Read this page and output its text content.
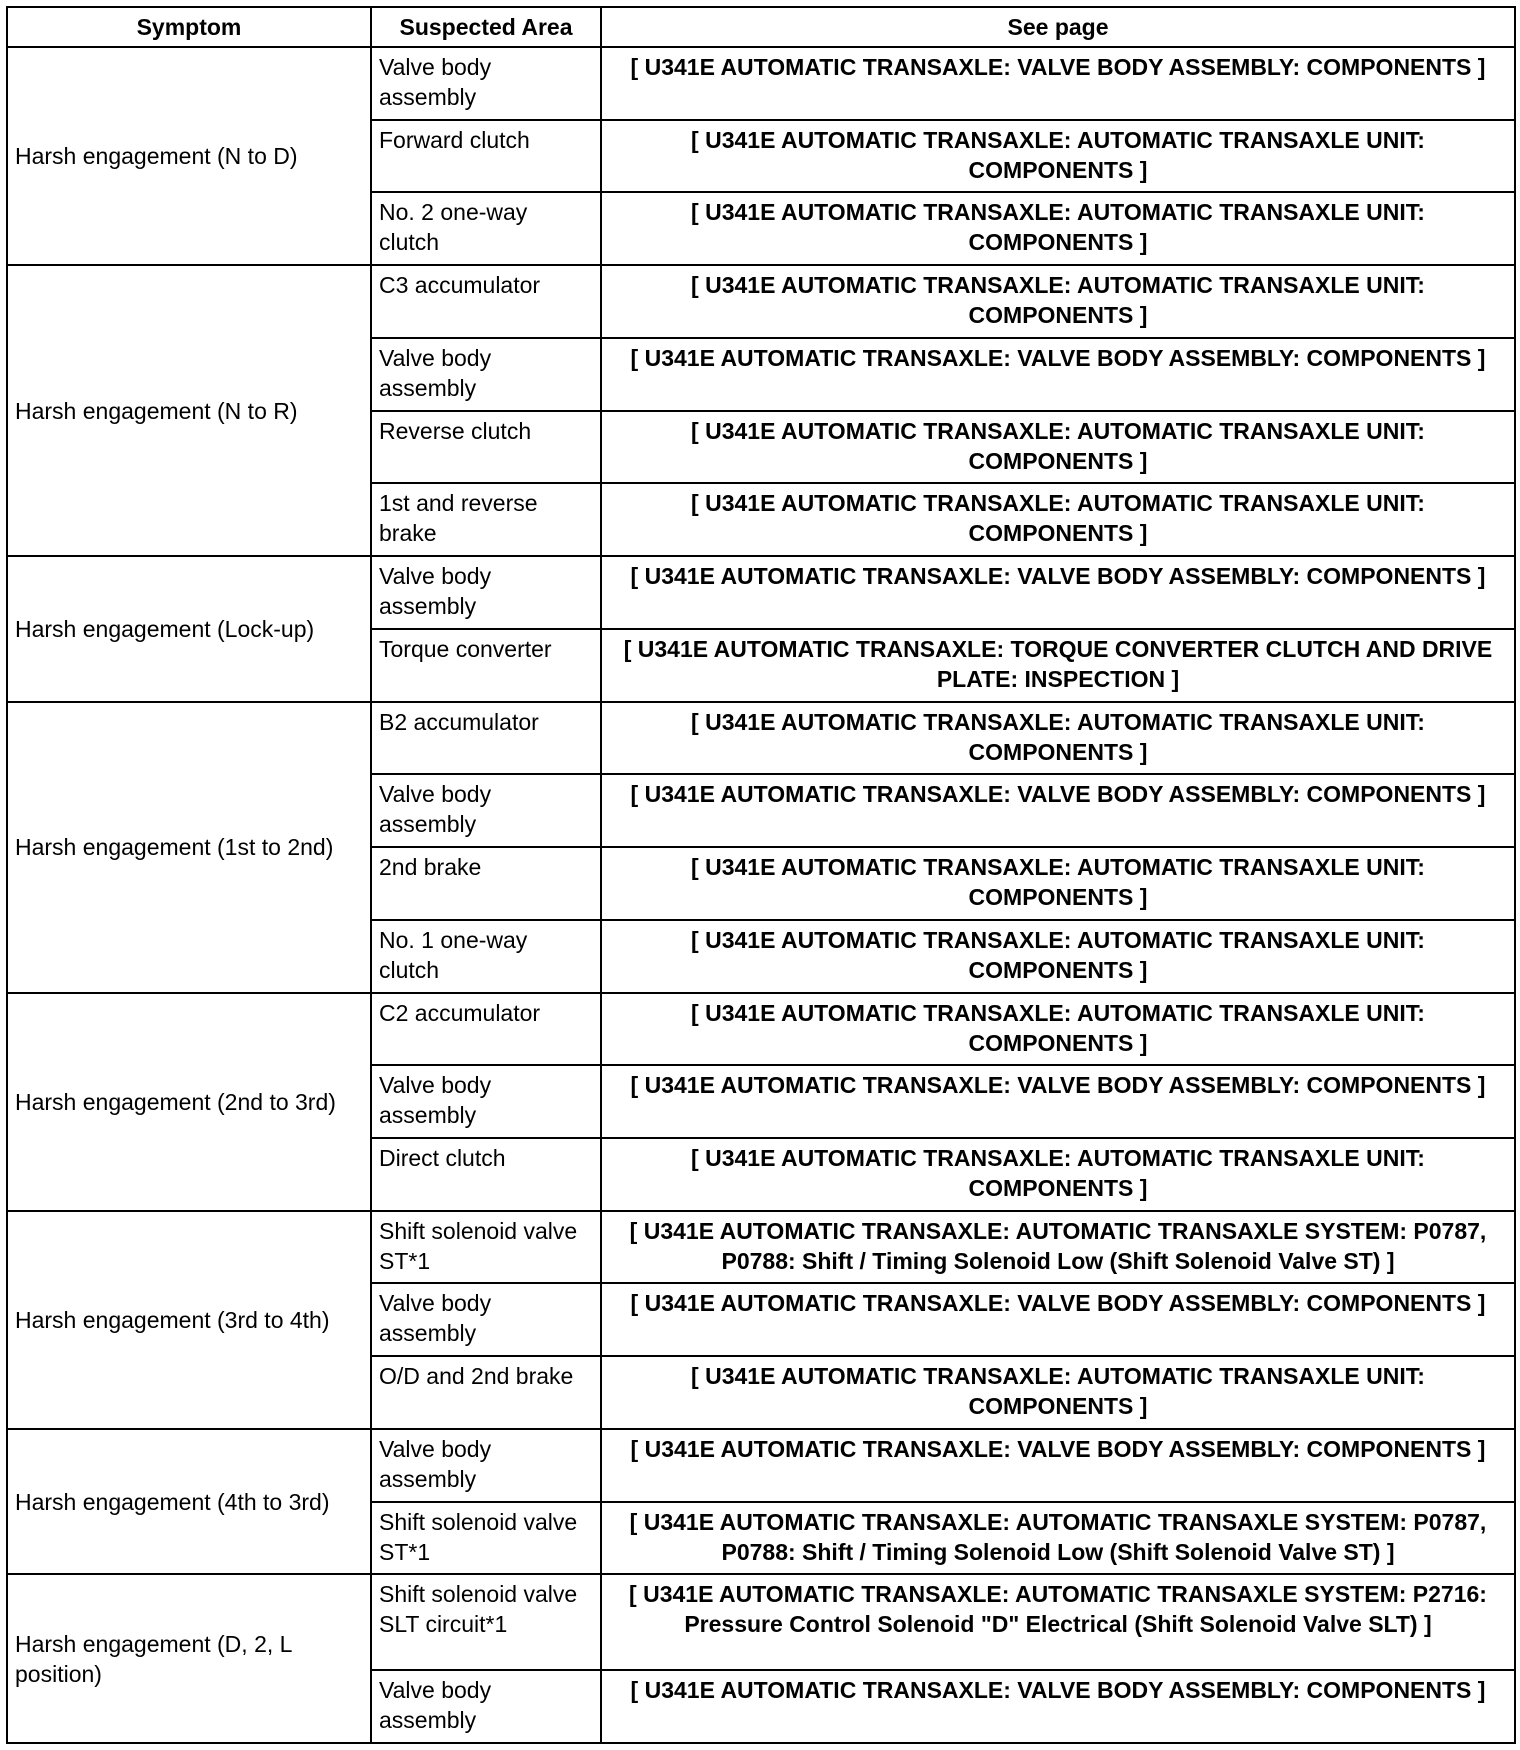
Symptom	Suspected Area	See page
Harsh engagement (N to D)	Valve body assembly	[ U341E AUTOMATIC TRANSAXLE: VALVE BODY ASSEMBLY: COMPONENTS ]
	Forward clutch	[ U341E AUTOMATIC TRANSAXLE: AUTOMATIC TRANSAXLE UNIT: COMPONENTS ]
	No. 2 one-way clutch	[ U341E AUTOMATIC TRANSAXLE: AUTOMATIC TRANSAXLE UNIT: COMPONENTS ]
Harsh engagement (N to R)	C3 accumulator	[ U341E AUTOMATIC TRANSAXLE: AUTOMATIC TRANSAXLE UNIT: COMPONENTS ]
	Valve body assembly	[ U341E AUTOMATIC TRANSAXLE: VALVE BODY ASSEMBLY: COMPONENTS ]
	Reverse clutch	[ U341E AUTOMATIC TRANSAXLE: AUTOMATIC TRANSAXLE UNIT: COMPONENTS ]
	1st and reverse brake	[ U341E AUTOMATIC TRANSAXLE: AUTOMATIC TRANSAXLE UNIT: COMPONENTS ]
Harsh engagement (Lock-up)	Valve body assembly	[ U341E AUTOMATIC TRANSAXLE: VALVE BODY ASSEMBLY: COMPONENTS ]
	Torque converter	[ U341E AUTOMATIC TRANSAXLE: TORQUE CONVERTER CLUTCH AND DRIVE PLATE: INSPECTION ]
Harsh engagement (1st to 2nd)	B2 accumulator	[ U341E AUTOMATIC TRANSAXLE: AUTOMATIC TRANSAXLE UNIT: COMPONENTS ]
	Valve body assembly	[ U341E AUTOMATIC TRANSAXLE: VALVE BODY ASSEMBLY: COMPONENTS ]
	2nd brake	[ U341E AUTOMATIC TRANSAXLE: AUTOMATIC TRANSAXLE UNIT: COMPONENTS ]
	No. 1 one-way clutch	[ U341E AUTOMATIC TRANSAXLE: AUTOMATIC TRANSAXLE UNIT: COMPONENTS ]
Harsh engagement (2nd to 3rd)	C2 accumulator	[ U341E AUTOMATIC TRANSAXLE: AUTOMATIC TRANSAXLE UNIT: COMPONENTS ]
	Valve body assembly	[ U341E AUTOMATIC TRANSAXLE: VALVE BODY ASSEMBLY: COMPONENTS ]
	Direct clutch	[ U341E AUTOMATIC TRANSAXLE: AUTOMATIC TRANSAXLE UNIT: COMPONENTS ]
Harsh engagement (3rd to 4th)	Shift solenoid valve ST*1	[ U341E AUTOMATIC TRANSAXLE: AUTOMATIC TRANSAXLE SYSTEM: P0787, P0788: Shift / Timing Solenoid Low (Shift Solenoid Valve ST) ]
	Valve body assembly	[ U341E AUTOMATIC TRANSAXLE: VALVE BODY ASSEMBLY: COMPONENTS ]
	O/D and 2nd brake	[ U341E AUTOMATIC TRANSAXLE: AUTOMATIC TRANSAXLE UNIT: COMPONENTS ]
Harsh engagement (4th to 3rd)	Valve body assembly	[ U341E AUTOMATIC TRANSAXLE: VALVE BODY ASSEMBLY: COMPONENTS ]
	Shift solenoid valve ST*1	[ U341E AUTOMATIC TRANSAXLE: AUTOMATIC TRANSAXLE SYSTEM: P0787, P0788: Shift / Timing Solenoid Low (Shift Solenoid Valve ST) ]
Harsh engagement (D, 2, L position)	Shift solenoid valve SLT circuit*1	[ U341E AUTOMATIC TRANSAXLE: AUTOMATIC TRANSAXLE SYSTEM: P2716: Pressure Control Solenoid "D" Electrical (Shift Solenoid Valve SLT) ]
	Valve body assembly	[ U341E AUTOMATIC TRANSAXLE: VALVE BODY ASSEMBLY: COMPONENTS ]
